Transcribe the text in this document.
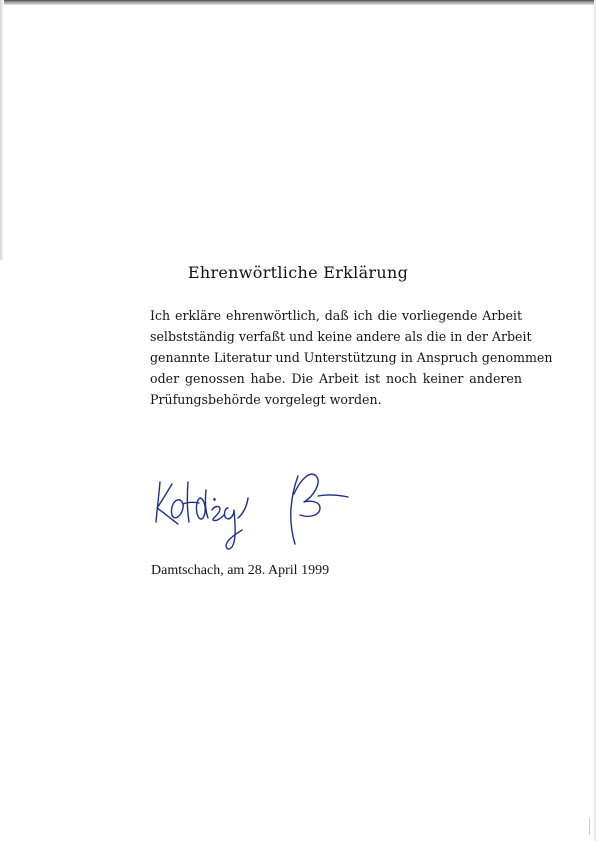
Ehrenwörtliche Erklärung
Ich erkläre ehrenwörtlich, daß ich die vorliegende Arbeit
selbstständig verfaßt und keine andere als die in der Arbeit
genannte Literatur und Unterstützung in Anspruch genommen
oder genossen habe. Die Arbeit ist noch keiner anderen
Prüfungsbehörde vorgelegt worden.
Damtschach, am 28. April 1999
